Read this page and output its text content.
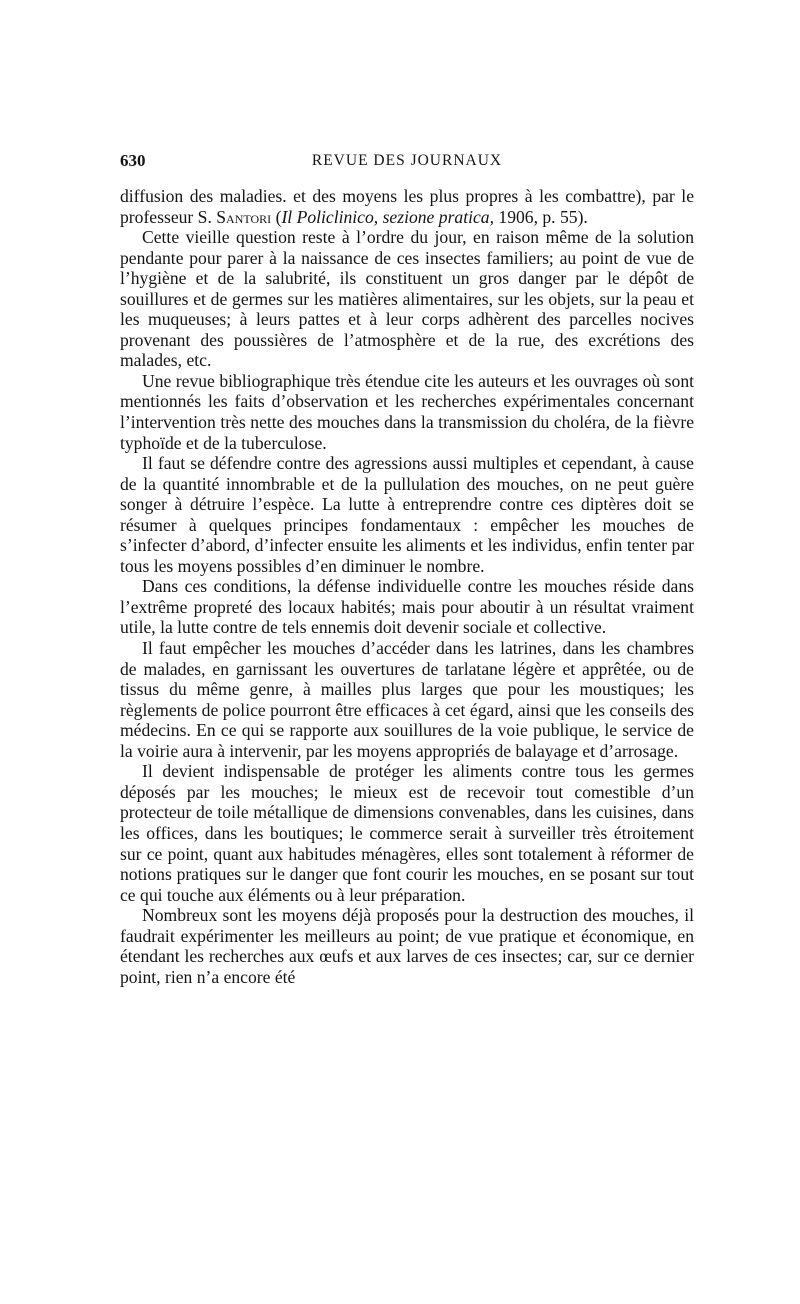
630	REVUE DES JOURNAUX

diffusion des maladies. et des moyens les plus propres à les combattre), par le professeur S. Santori (Il Policlinico, sezione pratica, 1906, p. 55).

Cette vieille question reste à l’ordre du jour, en raison même de la solution pendante pour parer à la naissance de ces insectes familiers; au point de vue de l’hygiène et de la salubrité, ils constituent un gros danger par le dépôt de souillures et de germes sur les matières alimentaires, sur les objets, sur la peau et les muqueuses; à leurs pattes et à leur corps adhèrent des parcelles nocives provenant des poussières de l’atmosphère et de la rue, des excrétions des malades, etc.

Une revue bibliographique très étendue cite les auteurs et les ouvrages où sont mentionnés les faits d’observation et les recherches expérimentales concernant l’intervention très nette des mouches dans la transmission du choléra, de la fièvre typhoïde et de la tuberculose.

Il faut se défendre contre des agressions aussi multiples et cependant, à cause de la quantité innombrable et de la pullulation des mouches, on ne peut guère songer à détruire l’espèce. La lutte à entreprendre contre ces diptères doit se résumer à quelques principes fondamentaux : empêcher les mouches de s’infecter d’abord, d’infecter ensuite les aliments et les individus, enfin tenter par tous les moyens possibles d’en diminuer le nombre.

Dans ces conditions, la défense individuelle contre les mouches réside dans l’extrême propreté des locaux habités; mais pour aboutir à un résultat vraiment utile, la lutte contre de tels ennemis doit devenir sociale et collective.

Il faut empêcher les mouches d’accéder dans les latrines, dans les chambres de malades, en garnissant les ouvertures de tarlatane légère et apprêtée, ou de tissus du même genre, à mailles plus larges que pour les moustiques; les règlements de police pourront être efficaces à cet égard, ainsi que les conseils des médecins. En ce qui se rapporte aux souillures de la voie publique, le service de la voirie aura à intervenir, par les moyens appropriés de balayage et d’arrosage.

Il devient indispensable de protéger les aliments contre tous les germes déposés par les mouches; le mieux est de recevoir tout comestible d’un protecteur de toile métallique de dimensions convenables, dans les cuisines, dans les offices, dans les boutiques; le commerce serait à surveiller très étroitement sur ce point, quant aux habitudes ménagères, elles sont totalement à réformer de notions pratiques sur le danger que font courir les mouches, en se posant sur tout ce qui touche aux éléments ou à leur préparation.

Nombreux sont les moyens déjà proposés pour la destruction des mouches, il faudrait expérimenter les meilleurs au point; de vue pratique et économique, en étendant les recherches aux œufs et aux larves de ces insectes; car, sur ce dernier point, rien n’a encore été
